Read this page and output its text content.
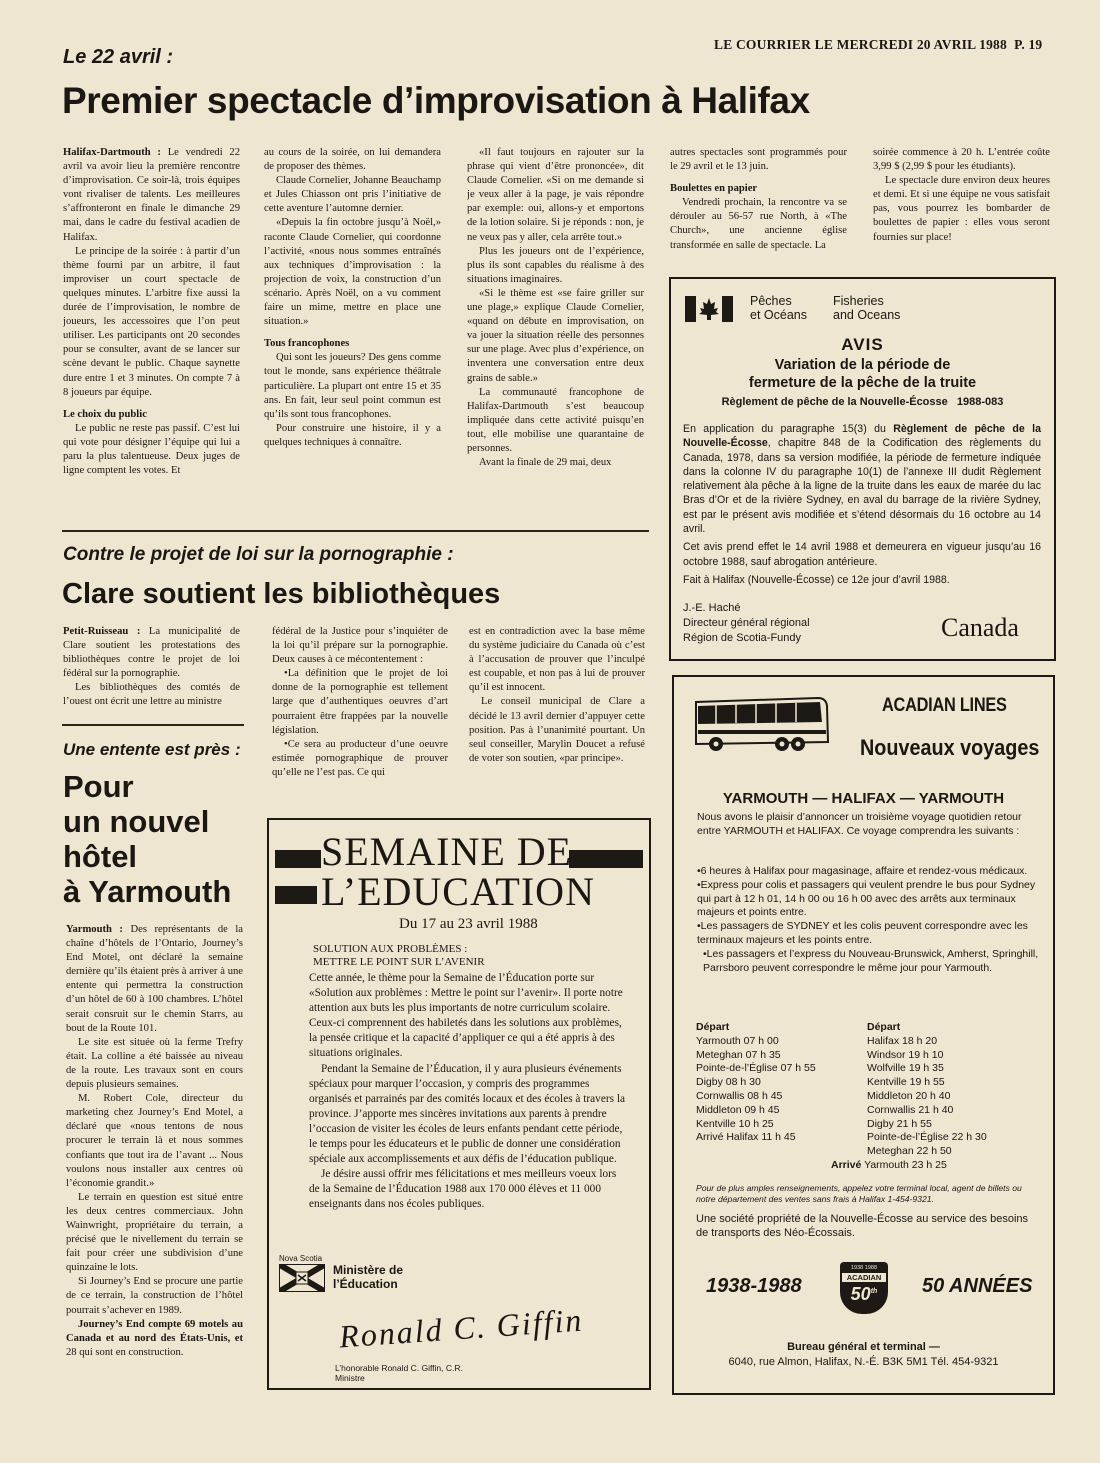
LE COURRIER LE MERCREDI 20 AVRIL 1988 P. 19
Le 22 avril :
Premier spectacle d’improvisation à Halifax

Halifax-Dartmouth : Le vendredi 22 avril va avoir lieu la première rencontre d’improvisation. Ce soir-là, trois équipes vont rivaliser de talents. Les meilleures s’affronteront en finale le dimanche 29 mai, dans le cadre du festival acadien de Halifax.

Le principe de la soirée : à partir d’un thème fourni par un arbitre, il faut improviser un court spectacle de quelques minutes. L’arbitre fixe aussi la durée de l’improvisation, le nombre de joueurs, les accessoires que l’on peut utiliser. Les participants ont 20 secondes pour se consulter, avant de se lancer sur scène devant le public. Chaque saynette dure entre 1 et 3 minutes. On compte 7 à 8 joueurs par équipe.

Le choix du public

Le public ne reste pas passif. C’est lui qui vote pour désigner l’équipe qui lui a paru la plus talentueuse. Deux juges de ligne comptent les votes. Et

au cours de la soirée, on lui demandera de proposer des thèmes.

Claude Cornelier, Johanne Beauchamp et Jules Chiasson ont pris l’initiative de cette aventure l’automne dernier.

«Depuis la fin octobre jusqu’à Noël,» raconte Claude Cornelier, qui coordonne l’activité, «nous nous sommes entraînés aux techniques d’improvisation : la projection de voix, la construction d’un scénario. Après Noël, on a vu comment faire un mime, mettre en place une situation.»

Tous francophones

Qui sont les joueurs? Des gens comme tout le monde, sans expérience théâtrale particulière. La plupart ont entre 15 et 35 ans. En fait, leur seul point commun est qu’ils sont tous francophones.

Pour construire une histoire, il y a quelques techniques à connaître.

«Il faut toujours en rajouter sur la phrase qui vient d’être prononcée», dit Claude Cornelier. «Si on me demande si je veux aller à la page, je vais répondre par exemple: oui, allons-y et emportons de la lotion solaire. Si je réponds : non, je ne veux pas y aller, cela arrête tout.»

Plus les joueurs ont de l’expérience, plus ils sont capables du réalisme à des situations imaginaires.

«Si le thème est «se faire griller sur une plage,» explique Claude Cornelier, «quand on débute en improvisation, on va jouer la situation réelle des personnes sur une plage. Avec plus d’expérience, on inventera une conversation entre deux grains de sable.»

La communauté francophone de Halifax-Dartmouth s’est beaucoup impliquée dans cette activité puisqu’en tout, elle mobilise une quarantaine de personnes.

Avant la finale de 29 mai, deux

autres spectacles sont programmés pour le 29 avril et le 13 juin.

Boulettes en papier

Vendredi prochain, la rencontre va se dérouler au 56-57 rue North, à «The Church», une ancienne église transformée en salle de spectacle. La

soirée commence à 20 h. L’entrée coûte 3,99 $ (2,99 $ pour les étudiants).

Le spectacle dure environ deux heures et demi. Et si une équipe ne vous satisfait pas, vous pourrez les bombarder de boulettes de papier : elles vous seront fournies sur place!

Pêches
et Océans
Fisheries
and Oceans
AVIS
Variation de la période de
fermeture de la pêche de la truite
Règlement de pêche de la Nouvelle-Écosse   1988-083
En application du paragraphe 15(3) du Règlement de pêche de la Nouvelle-Écosse, chapitre 848 de la Codification des règlements du Canada, 1978, dans sa version modifiée, la période de fermeture indiquée dans la colonne IV du paragraphe 10(1) de l’annexe III dudit Règlement relativement àla pêche à la ligne de la truite dans les eaux de marée du lac Bras d’Or et de la rivière Sydney, en aval du barrage de la rivière Sydney, est par le présent avis modifiée et s’étend désormais du 16 octobre au 14 avril.
Cet avis prend effet le 14 avril 1988 et demeurera en vigueur jusqu’au 16 octobre 1988, sauf abrogation antérieure.
Fait à Halifax (Nouvelle-Écosse) ce 12e jour d’avril 1988.
J.-E. Haché
Directeur général régional
Région de Scotia-Fundy	Canada
Contre le projet de loi sur la pornographie :
Clare soutient les bibliothèques

Petit-Ruisseau : La municipalité de Clare soutient les protestations des bibliothèques contre le projet de loi fédéral sur la pornographie.

Les bibliothèques des comtés de l’ouest ont écrit une lettre au ministre

fédéral de la Justice pour s’inquiéter de la loi qu’il prépare sur la pornographie. Deux causes à ce mécontentement :

•La définition que le projet de loi donne de la pornographie est tellement large que d’authentiques oeuvres d’art pourraient être frappées par la nouvelle législation.

•Ce sera au producteur d’une oeuvre estimée pornographique de prouver qu’elle ne l’est pas. Ce qui

est en contradiction avec la base même du système judiciaire du Canada où c’est à l’accusation de prouver que l’inculpé est coupable, et non pas à lui de prouver qu’il est innocent.

Le conseil municipal de Clare a décidé le 13 avril dernier d’appuyer cette position. Pas à l’unanimité pourtant. Un seul conseiller, Marylin Doucet a refusé de voter son soutien, «par principe».

Une entente est près :
Pour
un nouvel
hôtel
à Yarmouth

Yarmouth : Des représentants de la chaîne d’hôtels de l’Ontario, Journey’s End Motel, ont déclaré la semaine dernière qu’ils étaient près à arriver à une entente qui permettra la construction d’un hôtel de 60 à 100 chambres. L’hôtel serait consruit sur le chemin Starrs, au bout de la Route 101.

Le site est située où la ferme Trefry était. La colline a été baissée au niveau de la route. Les travaux sont en cours depuis plusieurs semaines.

M. Robert Cole, directeur du marketing chez Journey’s End Motel, a déclaré que «nous tentons de nous procurer le terrain là et nous sommes confiants que tout ira de l’avant ... Nous voulons nous installer aux centres où l’économie grandit.»

Le terrain en question est situé entre les deux centres commerciaux. John Wainwright, propriétaire du terrain, a précisé que le nivellement du terrain se fait pour créer une subdivision d’une quinzaine le lots.

Si Journey’s End se procure une partie de ce terrain, la construction de l’hôtel pourrait s’achever en 1989.

Journey’s End compte 69 motels au Canada et au nord des États-Unis, et 28 qui sont en construction.

SEMAINE DE
L’EDUCATION
Du 17 au 23 avril 1988
SOLUTION AUX PROBLÈMES :
METTRE LE POINT SUR L’AVENIR

Cette année, le thème pour la Semaine de l’Éducation porte sur «Solution aux problèmes : Mettre le point sur l’avenir». Il porte notre attention aux buts les plus importants de notre curriculum scolaire. Ceux-ci comprennent des habiletés dans les solutions aux problèmes, la pensée critique et la capacité d’appliquer ce qui a été appris à des situations originales.

Pendant la Semaine de l’Éducation, il y aura plusieurs événements spéciaux pour marquer l’occasion, y compris des programmes organisés et parrainés par des comités locaux et des écoles à travers la province. J’apporte mes sincères invitations aux parents à prendre l’occasion de visiter les écoles de leurs enfants pendant cette période, le temps pour les éducateurs et le public de donner une considération spéciale aux accomplissements et aux défis de l’éducation publique.

Je désire aussi offrir mes félicitations et mes meilleurs voeux lors de la Semaine de l’Éducation 1988 aux 170 000 élèves et 11 000 enseignants dans nos écoles publiques.

Nova Scotia
Ministère de
l’Éducation
Ronald C. Giffin
L’honorable Ronald C. Giffin, C.R.
Ministre
ACADIAN LINES
Nouveaux voyages
YARMOUTH — HALIFAX — YARMOUTH
Nous avons le plaisir d’annoncer un troisième voyage quotidien retour entre YARMOUTH et HALIFAX. Ce voyage comprendra les suivants :
•6 heures à Halifax pour magasinage, affaire et rendez-vous médicaux.
•Express pour colis et passagers qui veulent prendre le bus pour Sydney qui part à 12 h 01, 14 h 00 ou 16 h 00 avec des arrêts aux terminaux majeurs et points entre.
•Les passagers de SYDNEY et les colis peuvent correspondre avec les terminaux majeurs et les points entre.
•Les passagers et l’express du Nouveau-Brunswick, Amherst, Springhill, Parrsboro peuvent correspondre le même jour pour Yarmouth.
Départ
Yarmouth 07 h 00
Meteghan 07 h 35
Pointe-de-l’Église 07 h 55
Digby 08 h 30
Cornwallis 08 h 45
Middleton 09 h 45
Kentville 10 h 25
Arrivé Halifax 11 h 45
Départ
Halifax 18 h 20
Windsor 19 h 10
Wolfville 19 h 35
Kentville 19 h 55
Middleton 20 h 40
Cornwallis 21 h 40
Digby 21 h 55
Pointe-de-l’Église 22 h 30
Meteghan 22 h 50
Arrivé Yarmouth 23 h 25
Pour de plus amples renseignements, appelez votre terminal local, agent de billets ou notre département des ventes sans frais à Halifax 1-454-9321.
Une société propriété de la Nouvelle-Écosse au service des besoins de transports des Néo-Écossais.
1938-1988
1938 1988
ACADIAN
50th	50 ANNÉES
Bureau général et terminal —
6040, rue Almon, Halifax, N.-É. B3K 5M1 Tél. 454-9321
